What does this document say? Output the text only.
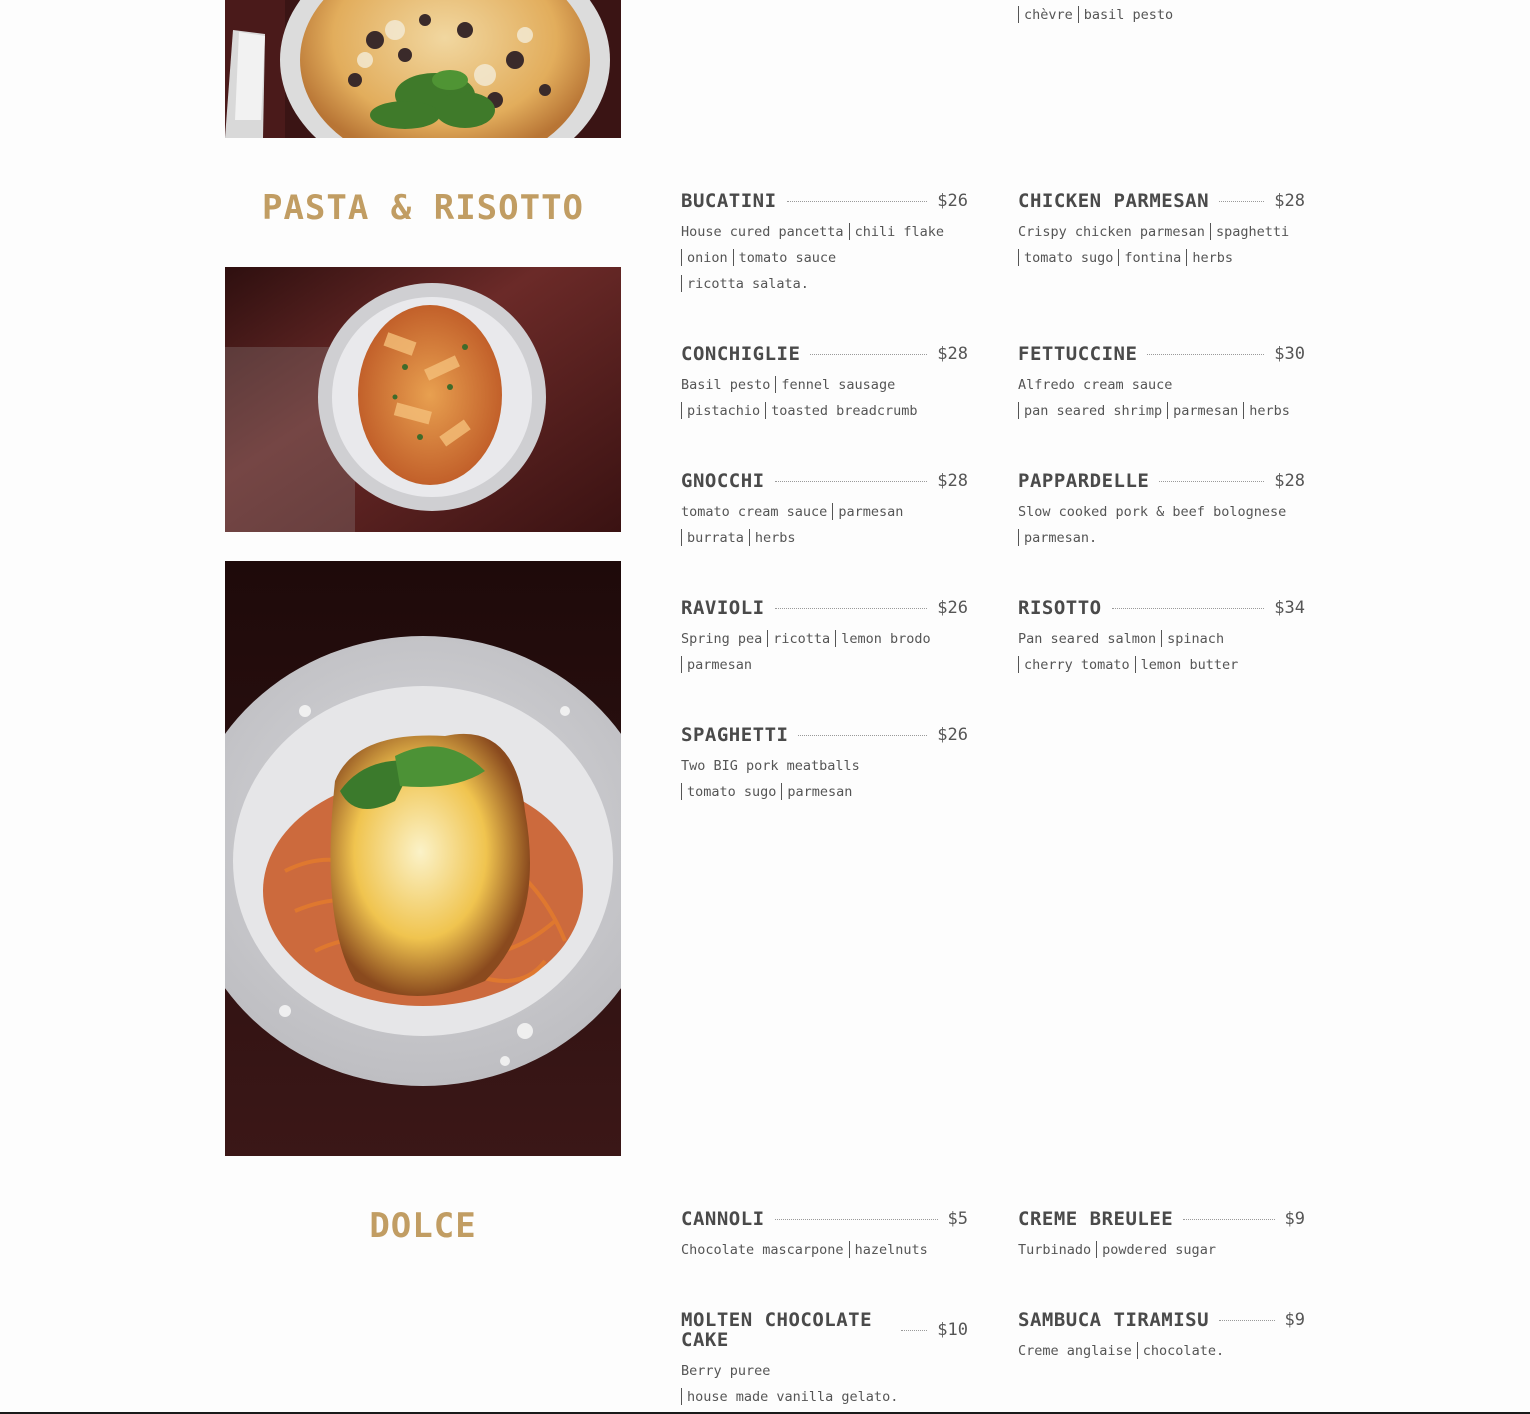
chèvre basil pesto
PASTA & RISOTTO	BUCATINI	$26
House cured pancetta chili flake
onion tomato sauce
ricotta salata.
CHICKEN PARMESAN	$28
Crispy chicken parmesan spaghetti
tomato sugo fontina herbs
CONCHIGLIE	$28
Basil pesto fennel sausage
pistachio toasted breadcrumb
FETTUCCINE	$30
Alfredo cream sauce
pan seared shrimp parmesan herbs
GNOCCHI	$28
tomato cream sauce parmesan
burrata herbs
PAPPARDELLE	$28
Slow cooked pork & beef bolognese
parmesan.
RAVIOLI	$26
Spring pea ricotta lemon brodo
parmesan
RISOTTO	$34
Pan seared salmon spinach
cherry tomato lemon butter
SPAGHETTI	$26
Two BIG pork meatballs
tomato sugo parmesan
DOLCE	CANNOLI	$5
Chocolate mascarpone hazelnuts
CREME BREULEE	$9
Turbinado powdered sugar
MOLTEN CHOCOLATE CAKE	$10
Berry puree
house made vanilla gelato.
SAMBUCA TIRAMISU	$9
Creme anglaise chocolate.
